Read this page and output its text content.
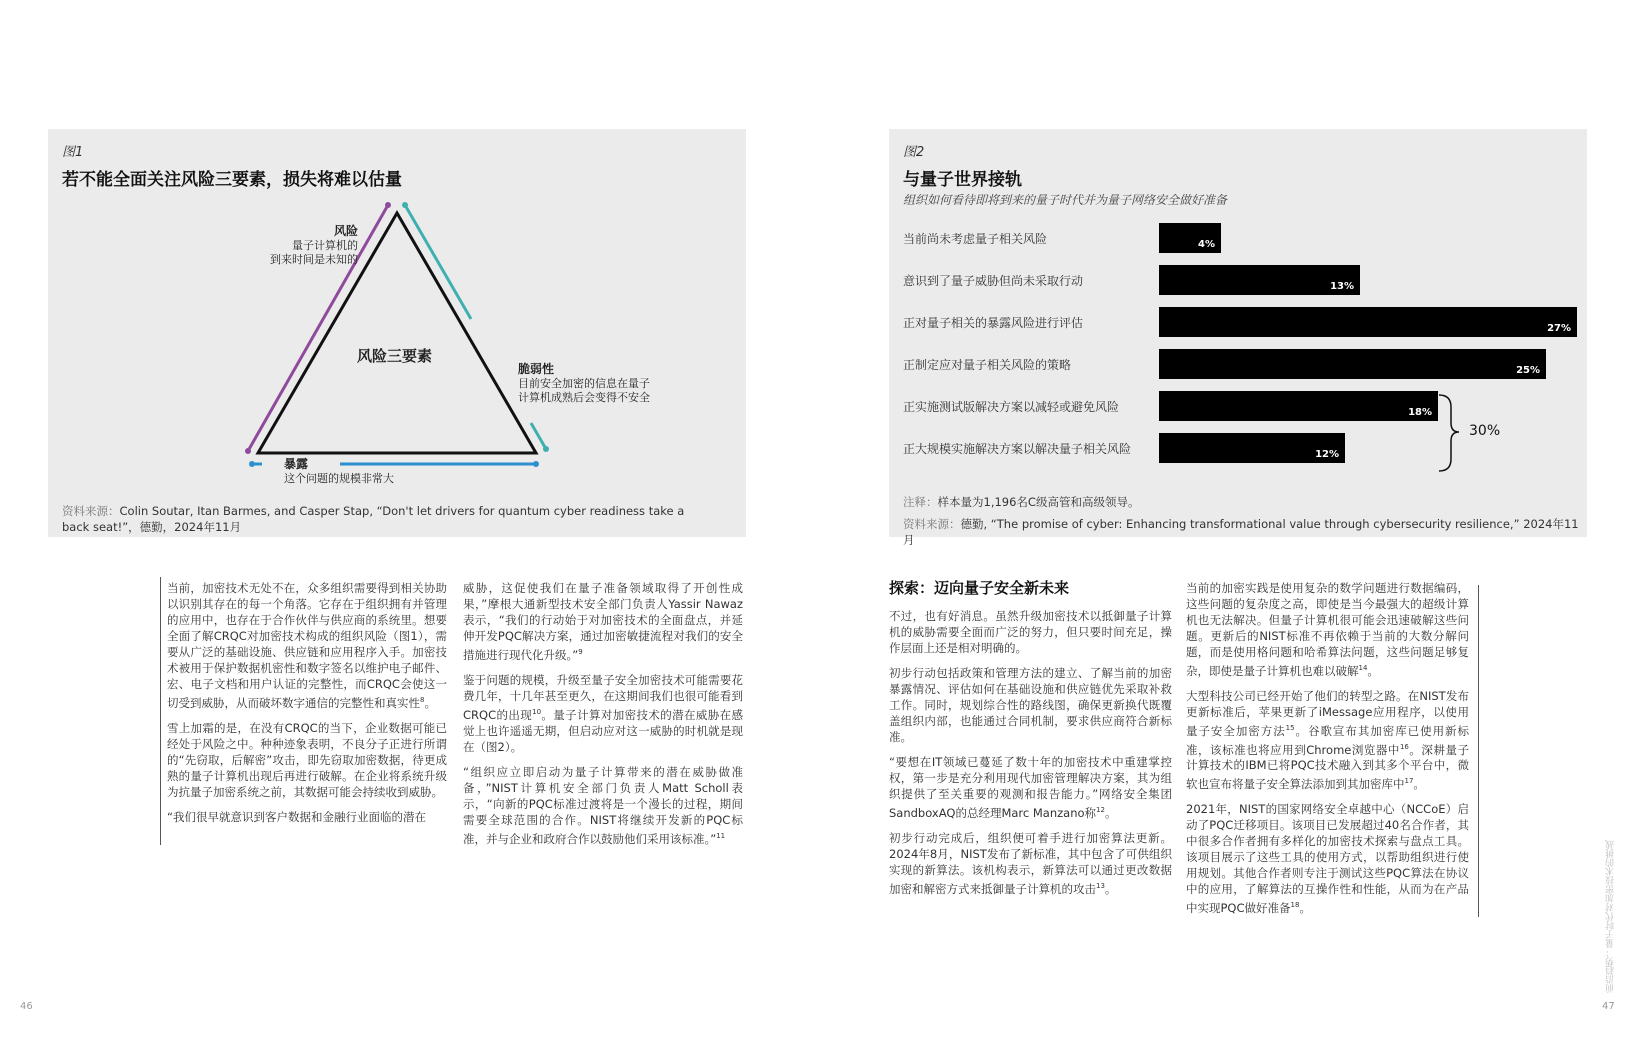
图1
若不能全面关注风险三要素，损失将难以估量
风险三要素
风险
量子计算机的
到来时间是未知的
脆弱性
目前安全加密的信息在量子
计算机成熟后会变得不安全
暴露
这个问题的规模非常大
资料来源：Colin Soutar, Itan Barmes, and Casper Stap, “Don't let drivers for quantum cyber readiness take a
back seat!”，德勤，2024年11月
图2
与量子世界接轨
组织如何看待即将到来的量子时代并为量子网络安全做好准备
当前尚未考虑量子相关风险	4%
意识到了量子威胁但尚未采取行动	13%
正对量子相关的暴露风险进行评估	27%
正制定应对量子相关风险的策略	25%
正实施测试版解决方案以减轻或避免风险	18%
正大规模实施解决方案以解决量子相关风险	12%
30%
注释：样本量为1,196名C级高管和高级领导。
资料来源：德勤, “The promise of cyber: Enhancing transformational value through cybersecurity resilience,” 2024年11月

当前，加密技术无处不在，众多组织需要得到相关协助以识别其存在的每一个角落。它存在于组织拥有并管理的应用中，也存在于合作伙伴与供应商的系统里。想要全面了解CRQC对加密技术构成的组织风险（图1），需要从广泛的基础设施、供应链和应用程序入手。加密技术被用于保护数据机密性和数字签名以维护电子邮件、宏、电子文档和用户认证的完整性，而CRQC会使这一切受到威胁，从而破坏数字通信的完整性和真实性$^8$。

雪上加霜的是，在没有CRQC的当下，企业数据可能已经处于风险之中。种种迹象表明，不良分子正进行所谓的“先窃取，后解密”攻击，即先窃取加密数据，待更成熟的量子计算机出现后再进行破解。在企业将系统升级为抗量子加密系统之前，其数据可能会持续收到威胁。

“我们很早就意识到客户数据和金融行业面临的潜在

威胁，这促使我们在量子准备领域取得了开创性成果，”摩根大通新型技术安全部门负责人Yassir Nawaz表示，“我们的行动始于对加密技术的全面盘点，并延伸开发PQC解决方案，通过加密敏捷流程对我们的安全措施进行现代化升级。”$^9$

鉴于问题的规模，升级至量子安全加密技术可能需要花费几年，十几年甚至更久，在这期间我们也很可能看到CRQC的出现$^{10}$。量子计算对加密技术的潜在威胁在感觉上也许遥遥无期，但启动应对这一威胁的时机就是现在（图2）。

“组织应立即启动为量子计算带来的潜在威胁做准备，”NIST计算机安全部门负责人Matt Scholl表示，“向新的PQC标准过渡将是一个漫长的过程，期间需要全球范围的合作。NIST将继续开发新的PQC标准，并与企业和政府合作以鼓励他们采用该标准。”$^{11}$

探索：迈向量子安全新未来

不过，也有好消息。虽然升级加密技术以抵御量子计算机的威胁需要全面而广泛的努力，但只要时间充足，操作层面上还是相对明确的。

初步行动包括政策和管理方法的建立、了解当前的加密暴露情况、评估如何在基础设施和供应链优先采取补救工作。同时，规划综合性的路线图，确保更新换代既覆盖组织内部，也能通过合同机制，要求供应商符合新标准。

“要想在IT领域已蔓延了数十年的加密技术中重建掌控权，第一步是充分利用现代加密管理解决方案，其为组织提供了至关重要的观测和报告能力。”网络安全集团SandboxAQ的总经理Marc Manzano称$^{12}$。

初步行动完成后，组织便可着手进行加密算法更新。2024年8月，NIST发布了新标准，其中包含了可供组织实现的新算法。该机构表示，新算法可以通过更改数据加密和解密方式来抵御量子计算机的攻击$^{13}$。

当前的加密实践是使用复杂的数学问题进行数据编码，这些问题的复杂度之高，即使是当今最强大的超级计算机也无法解决。但量子计算机很可能会迅速破解这些问题。更新后的NIST标准不再依赖于当前的大数分解问题，而是使用格问题和哈希算法问题，这些问题足够复杂，即使是量子计算机也难以破解$^{14}$。

大型科技公司已经开始了他们的转型之路。在NIST发布更新标准后，苹果更新了iMessage应用程序，以使用量子安全加密方法$^{15}$。谷歌宣布其加密库已使用新标准，该标准也将应用到Chrome浏览器中$^{16}$。深耕量子计算技术的IBM已将PQC技术融入到其多个平台中，微软也宣布将量子安全算法添加到其加密库中$^{17}$。

2021年，NIST的国家网络安全卓越中心（NCCoE）启动了PQC迁移项目。该项目已发展超过40名合作者，其中很多合作者拥有多样化的加密技术探索与盘点工具。该项目展示了这些工具的使用方式，以帮助组织进行使用规划。其他合作者则专注于测试这些PQC算法在协议中的应用，了解算法的互操作性和性能，从而为在产品中实现PQC做好准备$^{18}$。

46	47
前沿趋势：量子时代对加密技术的挑战
